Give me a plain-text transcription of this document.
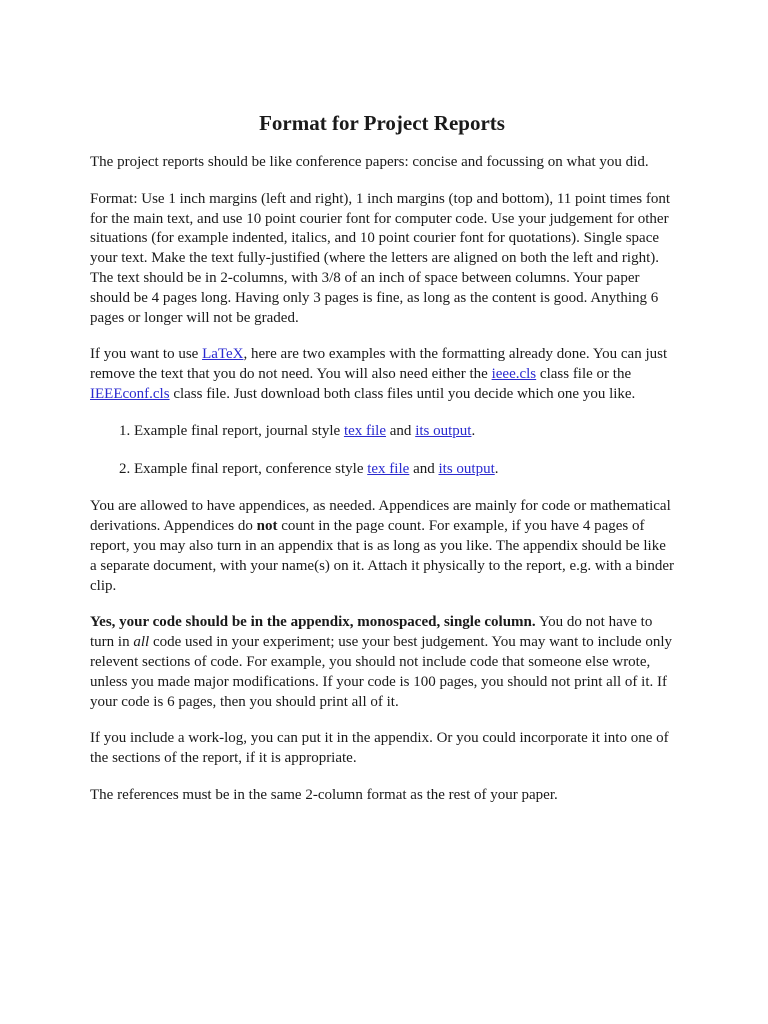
Format for Project Reports

The project reports should be like conference papers: concise and focussing on what you did.

Format: Use 1 inch margins (left and right), 1 inch margins (top and bottom), 11 point times font for the main text, and use 10 point courier font for computer code. Use your judgement for other situations (for example indented, italics, and 10 point courier font for quotations). Single space your text. Make the text fully-justified (where the letters are aligned on both the left and right). The text should be in 2-columns, with 3/8 of an inch of space between columns. Your paper should be 4 pages long. Having only 3 pages is fine, as long as the content is good. Anything 6 pages or longer will not be graded.

If you want to use LaTeX, here are two examples with the formatting already done. You can just remove the text that you do not need. You will also need either the ieee.cls class file or the IEEEconf.cls class file. Just download both class files until you decide which one you like.

1. Example final report, journal style tex file and its output.
2. Example final report, conference style tex file and its output.

You are allowed to have appendices, as needed. Appendices are mainly for code or mathematical derivations. Appendices do not count in the page count. For example, if you have 4 pages of report, you may also turn in an appendix that is as long as you like. The appendix should be like a separate document, with your name(s) on it. Attach it physically to the report, e.g. with a binder clip.

Yes, your code should be in the appendix, monospaced, single column. You do not have to turn in all code used in your experiment; use your best judgement. You may want to include only relevent sections of code. For example, you should not include code that someone else wrote, unless you made major modifications. If your code is 100 pages, you should not print all of it. If your code is 6 pages, then you should print all of it.

If you include a work-log, you can put it in the appendix. Or you could incorporate it into one of the sections of the report, if it is appropriate.

The references must be in the same 2-column format as the rest of your paper.
